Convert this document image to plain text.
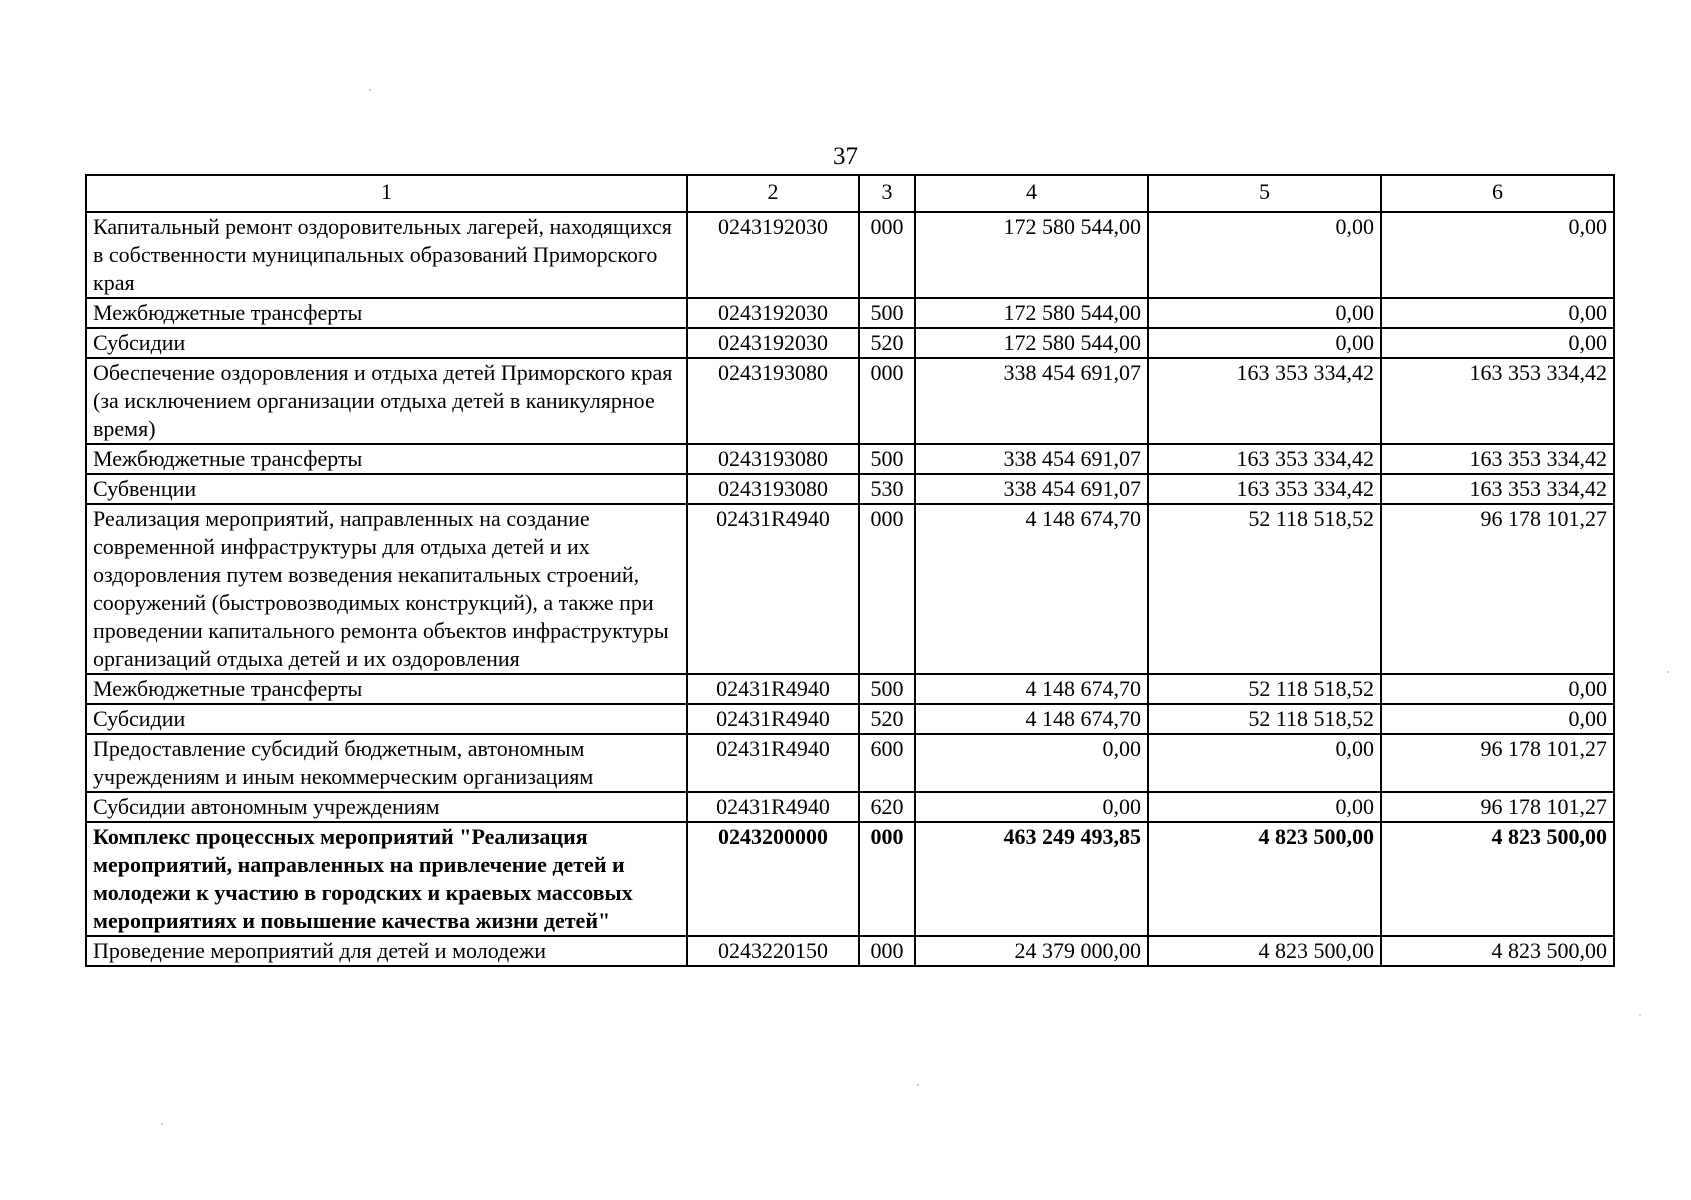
37
1	2	3	4	5	6
Капитальный ремонт оздоровительных лагерей, находящихся в собственности муниципальных образований Приморского края	0243192030	000	172 580 544,00	0,00	0,00
Межбюджетные трансферты	0243192030	500	172 580 544,00	0,00	0,00
Субсидии	0243192030	520	172 580 544,00	0,00	0,00
Обеспечение оздоровления и отдыха детей Приморского края (за исключением организации отдыха детей в каникулярное время)	0243193080	000	338 454 691,07	163 353 334,42	163 353 334,42
Межбюджетные трансферты	0243193080	500	338 454 691,07	163 353 334,42	163 353 334,42
Субвенции	0243193080	530	338 454 691,07	163 353 334,42	163 353 334,42
Реализация мероприятий, направленных на создание современной инфраструктуры для отдыха детей и их оздоровления путем возведения некапитальных строений, сооружений (быстровозводимых конструкций), а также при проведении капитального ремонта объектов инфраструктуры организаций отдыха детей и их оздоровления	02431R4940	000	4 148 674,70	52 118 518,52	96 178 101,27
Межбюджетные трансферты	02431R4940	500	4 148 674,70	52 118 518,52	0,00
Субсидии	02431R4940	520	4 148 674,70	52 118 518,52	0,00
Предоставление субсидий бюджетным, автономным учреждениям и иным некоммерческим организациям	02431R4940	600	0,00	0,00	96 178 101,27
Субсидии автономным учреждениям	02431R4940	620	0,00	0,00	96 178 101,27
Комплекс процессных мероприятий "Реализация мероприятий, направленных на привлечение детей и молодежи к участию в городских и краевых массовых мероприятиях и повышение качества жизни детей"	0243200000	000	463 249 493,85	4 823 500,00	4 823 500,00
Проведение мероприятий для детей и молодежи	0243220150	000	24 379 000,00	4 823 500,00	4 823 500,00
